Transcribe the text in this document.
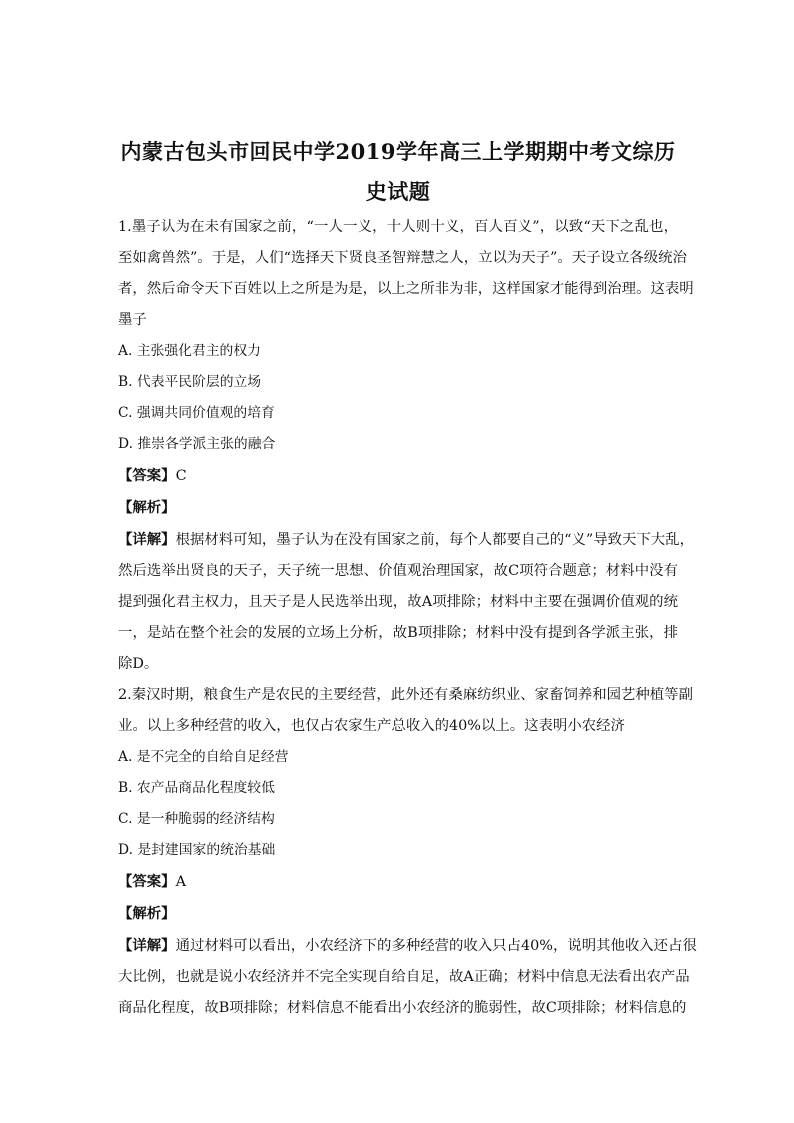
内蒙古包头市回民中学2019学年高三上学期期中考文综历
史试题

1.墨子认为在未有国家之前，“一人一义，十人则十义，百人百义”，以致“天下之乱也，
至如禽兽然”。于是，人们“选择天下贤良圣智辩慧之人，立以为天子”。天子设立各级统治
者，然后命令天下百姓以上之所是为是，以上之所非为非，这样国家才能得到治理。这表明
墨子

A. 主张强化君主的权力

B. 代表平民阶层的立场

C. 强调共同价值观的培育

D. 推崇各学派主张的融合

【答案】C

【解析】

【详解】根据材料可知，墨子认为在没有国家之前，每个人都要自己的“义”导致天下大乱，
然后选举出贤良的天子，天子统一思想、价值观治理国家，故C项符合题意；材料中没有
提到强化君主权力，且天子是人民选举出现，故A项排除；材料中主要在强调价值观的统
一，是站在整个社会的发展的立场上分析，故B项排除；材料中没有提到各学派主张，排
除D。

2.秦汉时期，粮食生产是农民的主要经营，此外还有桑麻纺织业、家畜饲养和园艺种植等副
业。以上多种经营的收入，也仅占农家生产总收入的40%以上。这表明小农经济

A. 是不完全的自给自足经营

B. 农产品商品化程度较低

C. 是一种脆弱的经济结构

D. 是封建国家的统治基础

【答案】A

【解析】

【详解】通过材料可以看出，小农经济下的多种经营的收入只占40%，说明其他收入还占很
大比例，也就是说小农经济并不完全实现自给自足，故A正确；材料中信息无法看出农产品
商品化程度，故B项排除；材料信息不能看出小农经济的脆弱性，故C项排除；材料信息的
